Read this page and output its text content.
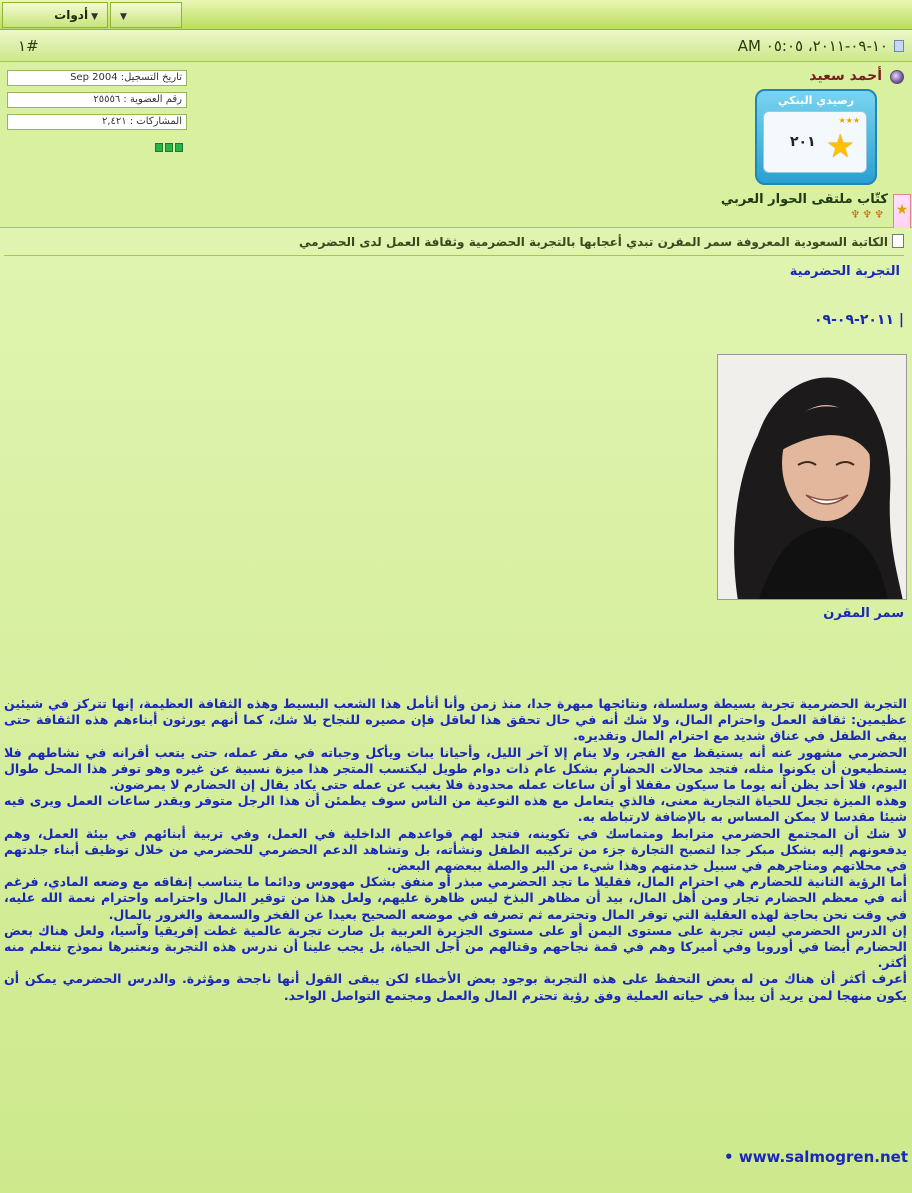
▼أدوات	▼
١٠-٠٩-٢٠١١، ٠٥:٠٥ AM
١#
أحمد سعيد
رصيدي البنكي
★★★
٢٠١ ★
★
كتّاب ملتقى الحوار العربي
♆♆♆
تاريخ التسجيل: Sep 2004
رقم العضوية : ٢٥٥٥٦
المشاركات : ٢,٤٢١
الكاتبة السعودية المعروفة سمر المقرن تبدي أعجابها بالتجربة الحضرمية وثقافة العمل لدى الحضرمي
التجربة الحضرمية
| ٢٠١١-٠٩-٠٩
سمر المقرن

التجربة الحضرمية تجربة بسيطة وسلسلة، ونتائجها مبهرة جدا، منذ زمن وأنا أتأمل هذا الشعب البسيط وهذه الثقافة العظيمة، إنها تتركز في شيئين عظيمين: ثقافة العمل واحترام المال، ولا شك أنه في حال تحقق هذا لعاقل فإن مصيره للنجاح بلا شك، كما أنهم يورثون أبناءهم هذه الثقافة حتى يبقى الطفل في عناق شديد مع احترام المال وتقديره.

الحضرمي مشهور عنه أنه يستيقظ مع الفجر، ولا ينام إلا آخر الليل، وأحيانا يبات ويأكل وجباته في مقر عمله، حتى يتعب أقرانه في نشاطهم فلا يستطيعون أن يكونوا مثله، فتجد محالات الحضارم بشكل عام ذات دوام طويل ليكتسب المتجر هذا ميزة نسبية عن غيره وهو توفر هذا المحل طوال اليوم، فلا أحد يظن أنه يوما ما سيكون مقفلا أو أن ساعات عمله محدودة فلا يغيب عن عمله حتى يكاد يقال إن الحضارم لا يمرضون.

وهذه الميزة تجعل للحياة التجارية معنى، فالذي يتعامل مع هذه النوعية من الناس سوف يطمئن أن هذا الرجل متوفر ويقدر ساعات العمل ويرى فيه شيئا مقدسا لا يمكن المساس به بالإضافة لارتباطه به.

لا شك أن المجتمع الحضرمي مترابط ومتماسك في تكوينه، فتجد لهم قواعدهم الداخلية في العمل، وفي تربية أبنائهم في بيئة العمل، وهم يدفعونهم إليه بشكل مبكر جدا لتصبح التجارة جزء من تركيبه الطفل ونشأته، بل وتشاهد الدعم الحضرمي للحضرمي من خلال توظيف أبناء جلدتهم في محلاتهم ومتاجرهم في سبيل خدمتهم وهذا شيء من البر والصلة ببعضهم البعض.

أما الرؤية الثانية للحضارم هي احترام المال، فقليلا ما تجد الحضرمي مبذر أو منفق بشكل مهووس ودائما ما يتناسب إنفاقه مع وضعه المادي، فرغم أنه في معظم الحضارم تجار ومن أهل المال، بيد أن مظاهر البذخ ليس ظاهرة عليهم، ولعل هذا من توقير المال واحترامه واحترام نعمة الله عليه، في وقت نحن بحاجة لهذه العقلية التي توقر المال وتحترمه ثم تصرفه في موضعه الصحيح بعيدا عن الفخر والسمعة والغرور بالمال.

إن الدرس الحضرمي ليس تجربة على مستوى اليمن أو على مستوى الجزيرة العربية بل صارت تجربة عالمية غطت إفريقيا وآسيا، ولعل هناك بعض الحضارم أيضا في أوروبا وفي أميركا وهم في قمة نجاحهم وقتالهم من أجل الحياة، بل يجب علينا أن ندرس هذه التجربة ونعتبرها نموذج نتعلم منه أكثر.

أعرف أكثر أن هناك من له بعض التحفظ على هذه التجربة بوجود بعض الأخطاء لكن يبقى القول أنها ناجحة ومؤثرة. والدرس الحضرمي يمكن أن يكون منهجا لمن يريد أن يبدأ في حياته العملية وفق رؤية تحترم المال والعمل ومجتمع التواصل الواحد.

• www.salmogren.net
